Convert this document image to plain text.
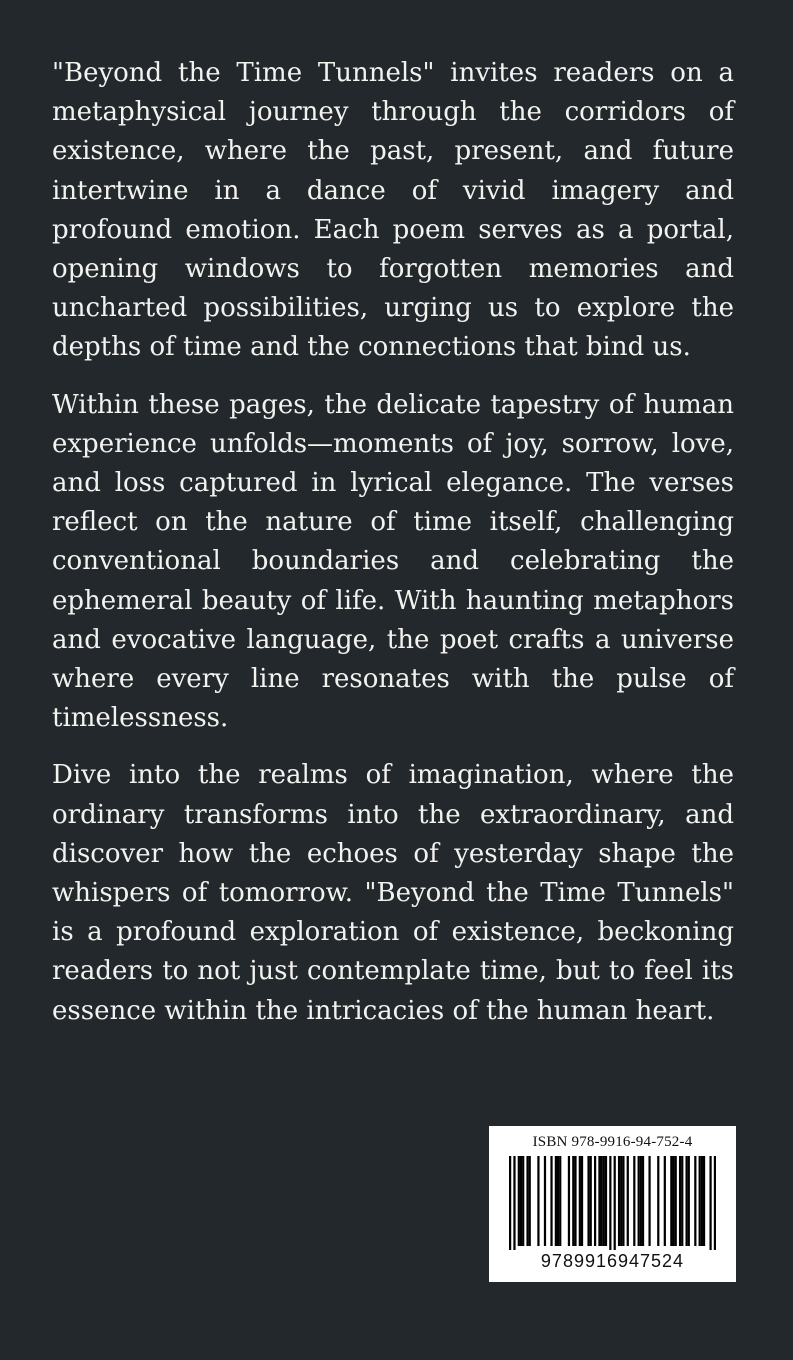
"Beyond the Time Tunnels" invites readers on a metaphysical journey through the corridors of existence, where the past, present, and future intertwine in a dance of vivid imagery and profound emotion. Each poem serves as a portal, opening windows to forgotten memories and uncharted possibilities, urging us to explore the depths of time and the connections that bind us.

Within these pages, the delicate tapestry of human experience unfolds—moments of joy, sorrow, love, and loss captured in lyrical elegance. The verses reflect on the nature of time itself, challenging conventional boundaries and celebrating the ephemeral beauty of life. With haunting metaphors and evocative language, the poet crafts a universe where every line resonates with the pulse of timelessness.

Dive into the realms of imagination, where the ordinary transforms into the extraordinary, and discover how the echoes of yesterday shape the whispers of tomorrow. "Beyond the Time Tunnels" is a profound exploration of existence, beckoning readers to not just contemplate time, but to feel its essence within the intricacies of the human heart.

ISBN 978-9916-94-752-4
9789916947524
